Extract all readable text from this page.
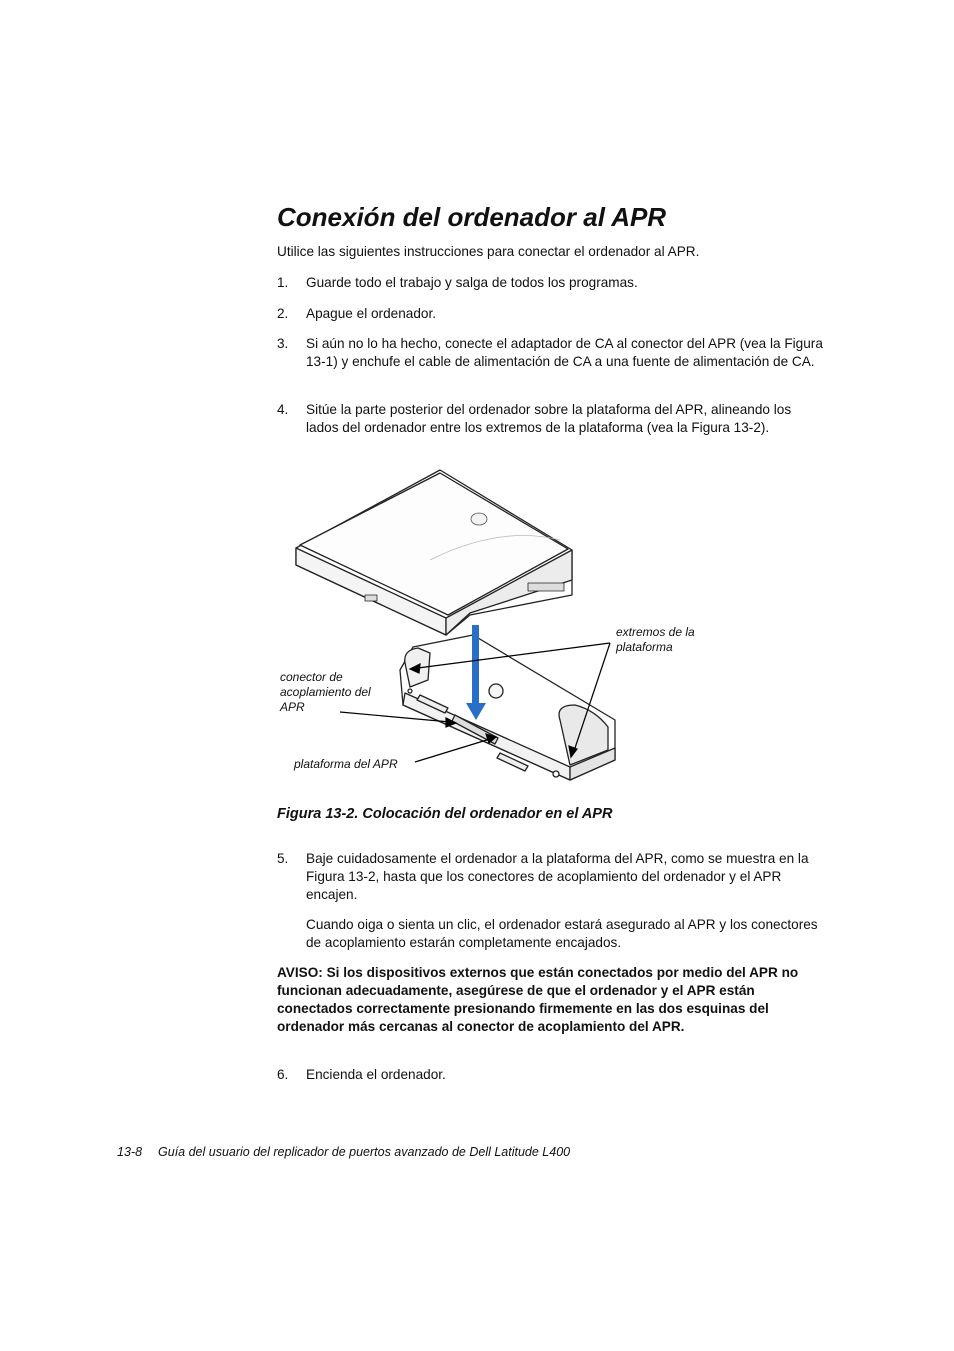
Conexión del ordenador al APR

Utilice las siguientes instrucciones para conectar el ordenador al APR.

1.	Guarde todo el trabajo y salga de todos los programas.

2.	Apague el ordenador.

3.	Si aún no lo ha hecho, conecte el adaptador de CA al conector del APR (vea la Figura 13-1) y enchufe el cable de alimentación de CA a una fuente de alimentación de CA.

4.	Sitúe la parte posterior del ordenador sobre la plataforma del APR, alineando los lados del ordenador entre los extremos de la plataforma (vea la Figura 13-2).

extremos de la plataforma
conector de acoplamiento del APR
plataforma del APR
Figura 13-2. Colocación del ordenador en el APR
5.	Baje cuidadosamente el ordenador a la plataforma del APR, como se muestra en la Figura 13-2, hasta que los conectores de acoplamiento del ordenador y el APR encajen.

Cuando oiga o sienta un clic, el ordenador estará asegurado al APR y los conectores de acoplamiento estarán completamente encajados.

AVISO: Si los dispositivos externos que están conectados por medio del APR no funcionan adecuadamente, asegúrese de que el ordenador y el APR están conectados correctamente presionando firmemente en las dos esquinas del ordenador más cercanas al conector de acoplamiento del APR.

6.	Encienda el ordenador.

13-8 Guía del usuario del replicador de puertos avanzado de Dell Latitude L400
